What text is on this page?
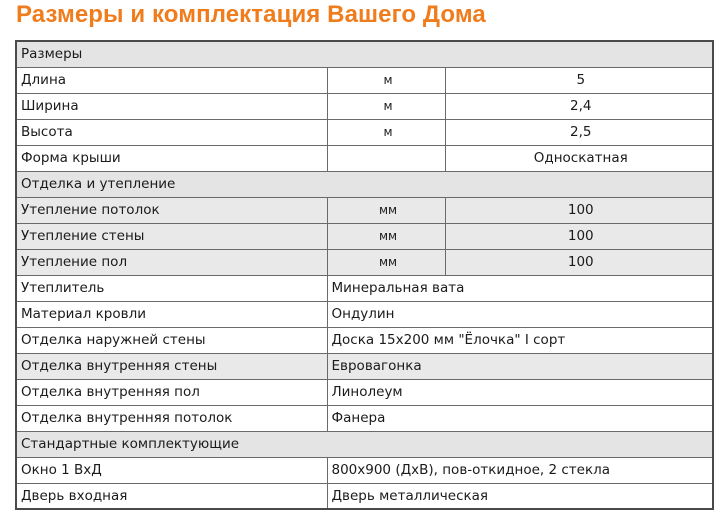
Размеры и комплектация Вашего Дома
Размеры		
Длина	м	5
Ширина	м	2,4
Высота	м	2,5
Форма крыши		Односкатная
Отделка и утепление		
Утепление потолок	мм	100
Утепление стены	мм	100
Утепление пол	мм	100
Утеплитель	Минеральная вата	
Материал кровли	Ондулин	
Отделка наружней стены	Доска 15х200 мм "Ёлочка" I сорт	
Отделка внутренняя стены	Евровагонка	
Отделка внутренняя пол	Линолеум	
Отделка внутренняя потолок	Фанера	
Стандартные комплектующие		
Окно 1 ВхД	800х900 (ДхВ), пов-откидное, 2 стекла	
Дверь входная	Дверь металлическая	
